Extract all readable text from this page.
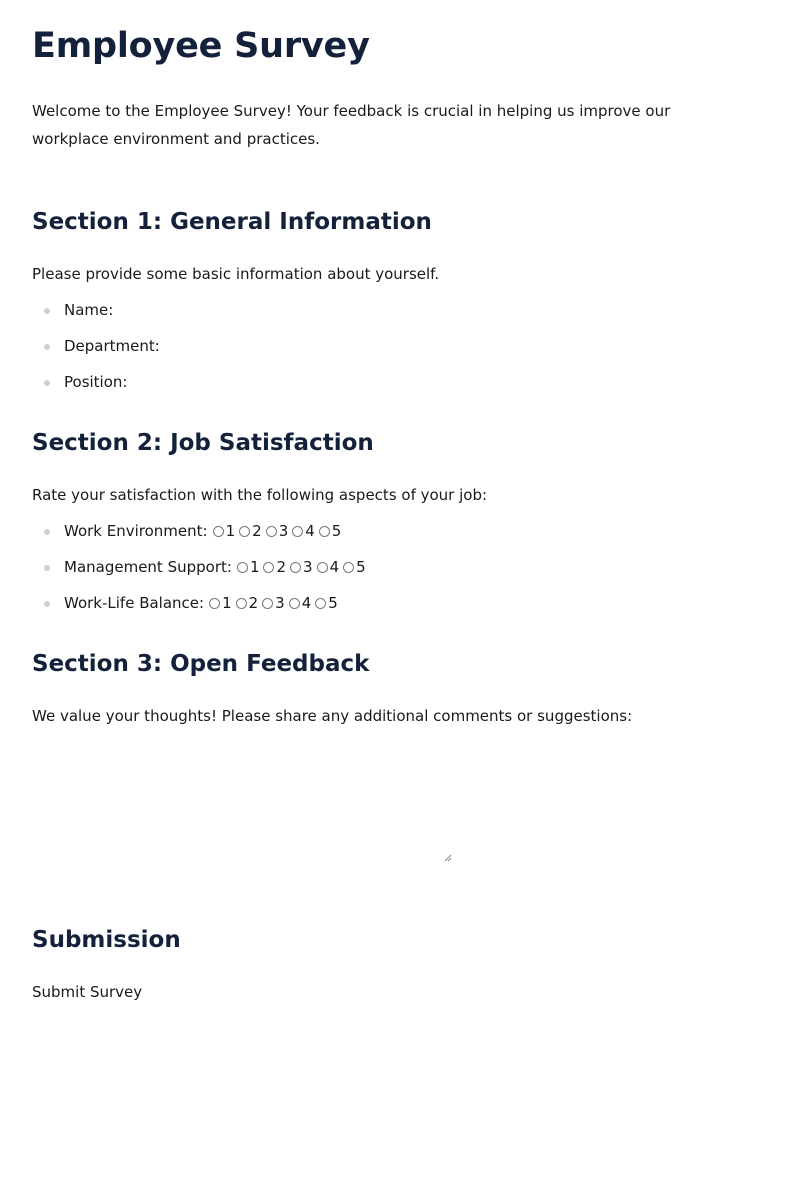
Employee Survey

Welcome to the Employee Survey! Your feedback is crucial in helping us improve our workplace environment and practices.

Section 1: General Information

Please provide some basic information about yourself.

Name:
Department:
Position:
Section 2: Job Satisfaction

Rate your satisfaction with the following aspects of your job:

Work Environment: 1 2 3 4 5
Management Support: 1 2 3 4 5
Work-Life Balance: 1 2 3 4 5
Section 3: Open Feedback

We value your thoughts! Please share any additional comments or suggestions:

Submission
Submit Survey
